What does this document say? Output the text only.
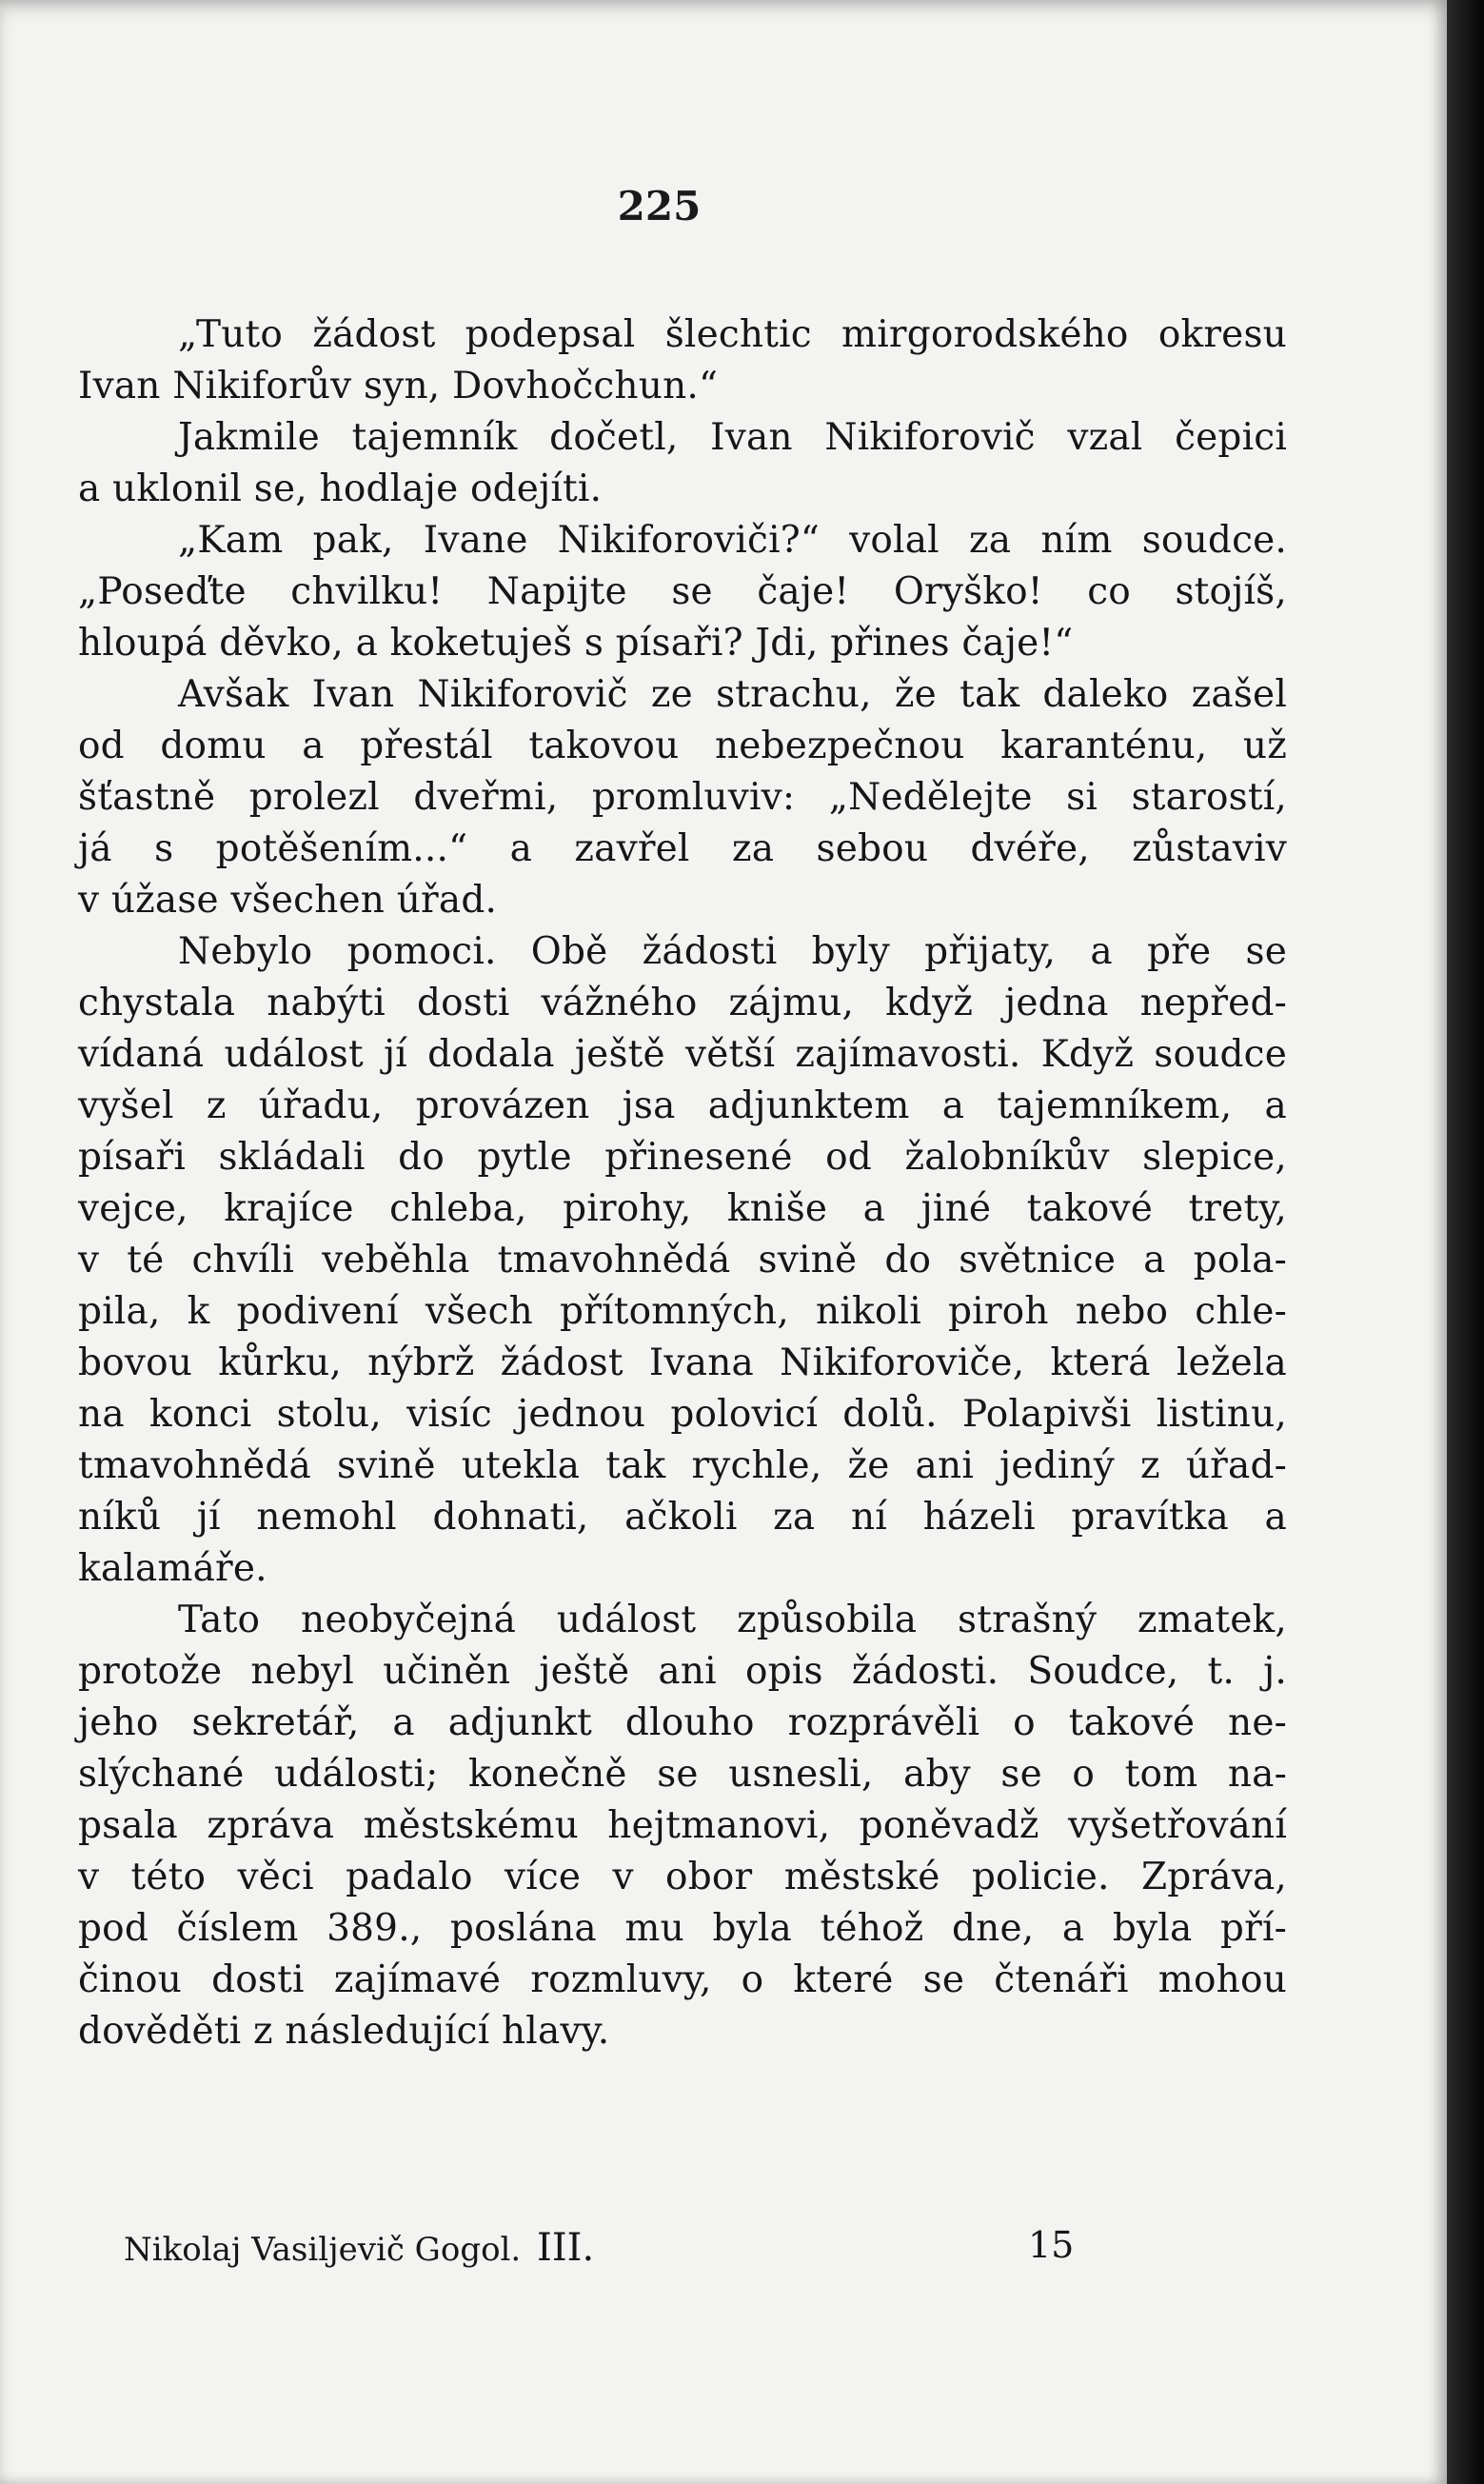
225
„Tuto žádost podepsal šlechtic mirgorodského okresu
Ivan Nikiforův syn, Dovhočchun.“
Jakmile tajemník dočetl, Ivan Nikiforovič vzal čepici
a uklonil se, hodlaje odejíti.
„Kam pak, Ivane Nikiforoviči?“ volal za ním soudce.
„Poseďte chvilku! Napijte se čaje! Oryško! co stojíš,
hloupá děvko, a koketuješ s písaři? Jdi, přines čaje!“
Avšak Ivan Nikiforovič ze strachu, že tak daleko zašel
od domu a přestál takovou nebezpečnou karanténu, už
šťastně prolezl dveřmi, promluviv: „Nedělejte si starostí,
já s potěšením...“ a zavřel za sebou dvéře, zůstaviv
v úžase všechen úřad.
Nebylo pomoci. Obě žádosti byly přijaty, a pře se
chystala nabýti dosti vážného zájmu, když jedna nepřed-
vídaná událost jí dodala ještě větší zajímavosti. Když soudce
vyšel z úřadu, provázen jsa adjunktem a tajemníkem, a
písaři skládali do pytle přinesené od žalobníkův slepice,
vejce, krajíce chleba, pirohy, kniše a jiné takové trety,
v té chvíli veběhla tmavohnědá svině do světnice a pola-
pila, k podivení všech přítomných, nikoli piroh nebo chle-
bovou kůrku, nýbrž žádost Ivana Nikiforoviče, která ležela
na konci stolu, visíc jednou polovicí dolů. Polapivši listinu,
tmavohnědá svině utekla tak rychle, že ani jediný z úřad-
níků jí nemohl dohnati, ačkoli za ní házeli pravítka a
kalamáře.
Tato neobyčejná událost způsobila strašný zmatek,
protože nebyl učiněn ještě ani opis žádosti. Soudce, t. j.
jeho sekretář, a adjunkt dlouho rozprávěli o takové ne-
slýchané události; konečně se usnesli, aby se o tom na-
psala zpráva městskému hejtmanovi, poněvadž vyšetřování
v této věci padalo více v obor městské policie. Zpráva,
pod číslem 389., poslána mu byla téhož dne, a byla pří-
činou dosti zajímavé rozmluvy, o které se čtenáři mohou
dověděti z následující hlavy.
Nikolaj Vasiljevič Gogol. III.	15
